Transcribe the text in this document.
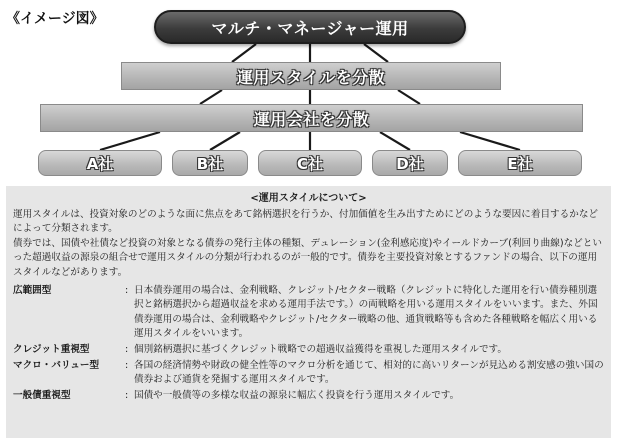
《イメージ図》	マルチ・マネージャー運用
運用スタイルを分散
運用会社を分散
A社	B社	C社	D社	E社
<運用スタイルについて>
運用スタイルは、投資対象のどのような面に焦点をあて銘柄選択を行うか、付加価値を生み出すためにどのような要因に着目するかなどによって分類されます。
債券では、国債や社債など投資の対象となる債券の発行主体の種類、デュレーション(金利感応度)やイールドカーブ(利回り曲線)などといった超過収益の源泉の組合せで運用スタイルの分類が行われるのが一般的です。債券を主要投資対象とするファンドの場合、以下の運用スタイルなどがあります。
広範囲型	: 日本債券運用の場合は、金利戦略、クレジット/セクター戦略（クレジットに特化した運用を行い債券種別選択と銘柄選択から超過収益を求める運用手法です。）の両戦略を用いる運用スタイルをいいます。また、外国債券運用の場合は、金利戦略やクレジット/セクター戦略の他、通貨戦略等も含めた各種戦略を幅広く用いる運用スタイルをいいます。
クレジット重視型	: 個別銘柄選択に基づくクレジット戦略での超過収益獲得を重視した運用スタイルです。
マクロ・バリュー型	: 各国の経済情勢や財政の健全性等のマクロ分析を通じて、相対的に高いリターンが見込める割安感の強い国の債券および通貨を発掘する運用スタイルです。
一般債重視型	: 国債や一般債等の多様な収益の源泉に幅広く投資を行う運用スタイルです。
